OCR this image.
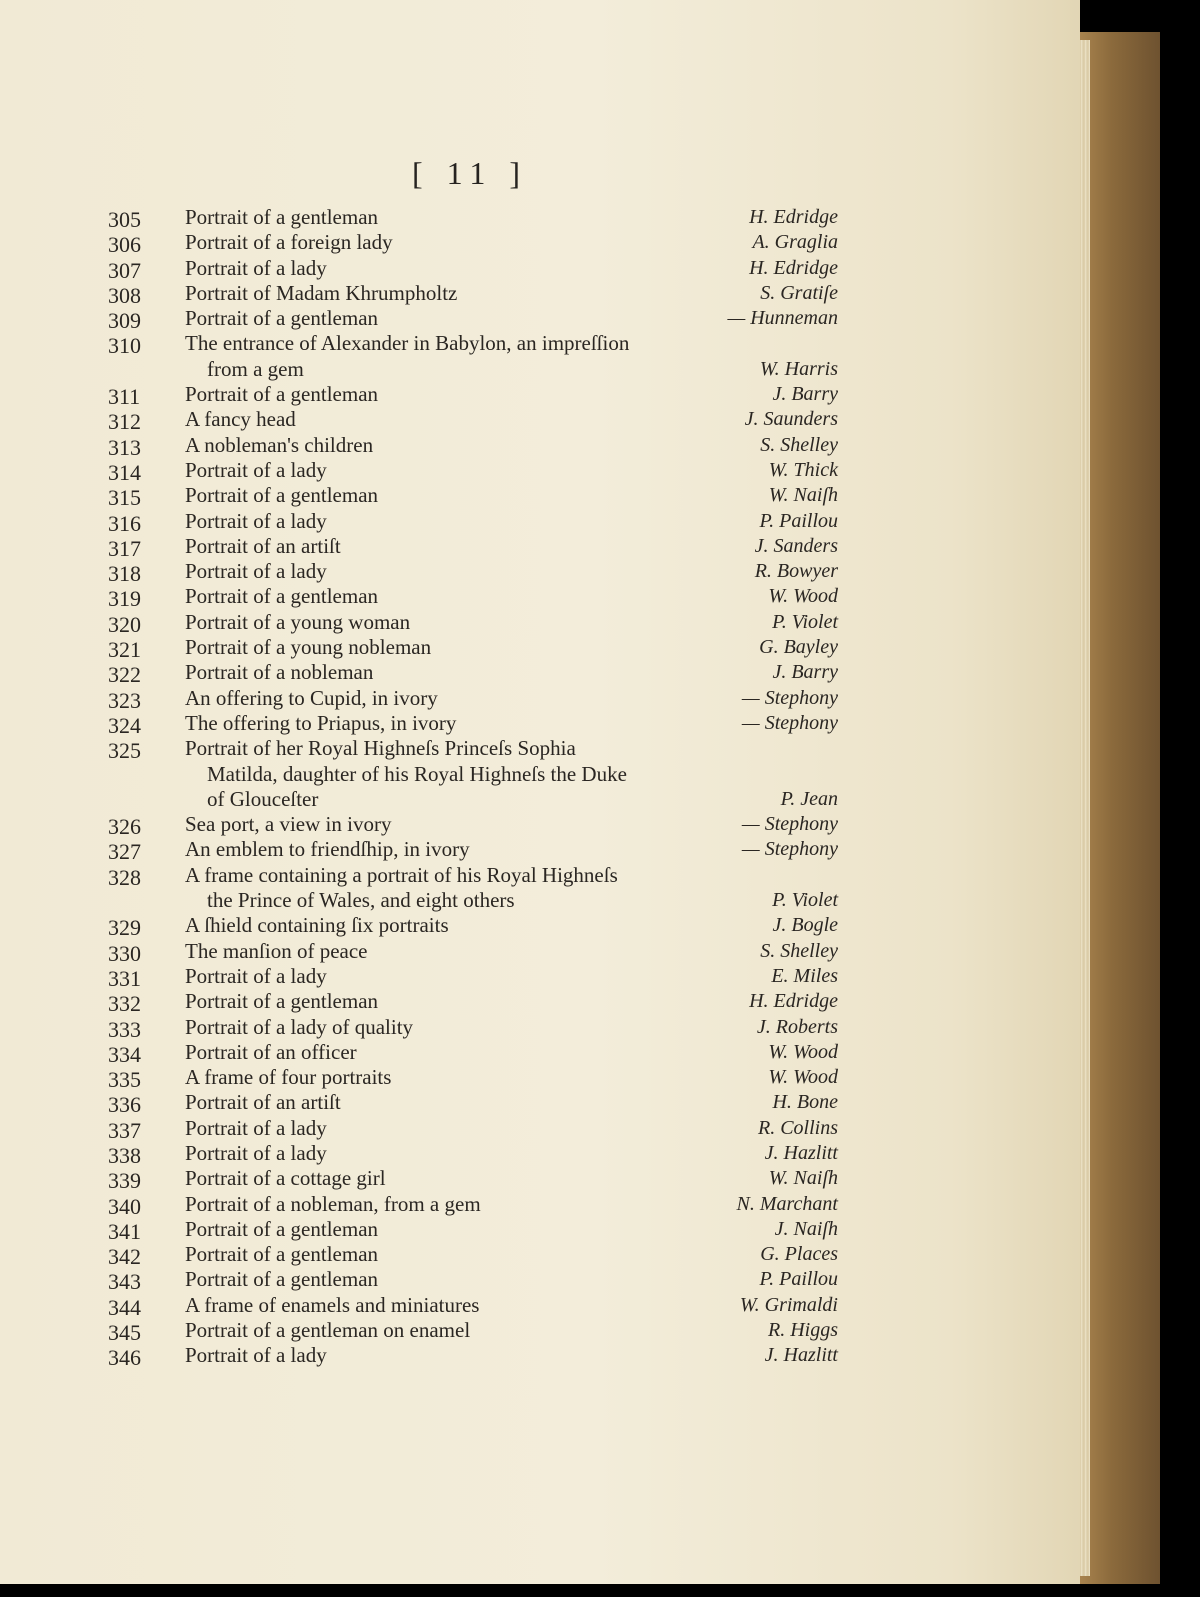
[ 11 ]
305	Portrait of a gentleman	H. Edridge
306	Portrait of a foreign lady	A. Graglia
307	Portrait of a lady	H. Edridge
308	Portrait of Madam Khrumpholtz	S. Gratiſe
309	Portrait of a gentleman	— Hunneman
310	The entrance of Alexander in Babylon, an impreſſion
from a gem	W. Harris
311	Portrait of a gentleman	J. Barry
312	A fancy head	J. Saunders
313	A nobleman's children	S. Shelley
314	Portrait of a lady	W. Thick
315	Portrait of a gentleman	W. Naiſh
316	Portrait of a lady	P. Paillou
317	Portrait of an artiſt	J. Sanders
318	Portrait of a lady	R. Bowyer
319	Portrait of a gentleman	W. Wood
320	Portrait of a young woman	P. Violet
321	Portrait of a young nobleman	G. Bayley
322	Portrait of a nobleman	J. Barry
323	An offering to Cupid, in ivory	— Stephony
324	The offering to Priapus, in ivory	— Stephony
325	Portrait of her Royal Highneſs Princeſs Sophia
Matilda, daughter of his Royal Highneſs the Duke
of Glouceſter	P. Jean
326	Sea port, a view in ivory	— Stephony
327	An emblem to friendſhip, in ivory	— Stephony
328	A frame containing a portrait of his Royal Highneſs
the Prince of Wales, and eight others	P. Violet
329	A ſhield containing ſix portraits	J. Bogle
330	The manſion of peace	S. Shelley
331	Portrait of a lady	E. Miles
332	Portrait of a gentleman	H. Edridge
333	Portrait of a lady of quality	J. Roberts
334	Portrait of an officer	W. Wood
335	A frame of four portraits	W. Wood
336	Portrait of an artiſt	H. Bone
337	Portrait of a lady	R. Collins
338	Portrait of a lady	J. Hazlitt
339	Portrait of a cottage girl	W. Naiſh
340	Portrait of a nobleman, from a gem	N. Marchant
341	Portrait of a gentleman	J. Naiſh
342	Portrait of a gentleman	G. Places
343	Portrait of a gentleman	P. Paillou
344	A frame of enamels and miniatures	W. Grimaldi
345	Portrait of a gentleman on enamel	R. Higgs
346	Portrait of a lady	J. Hazlitt
